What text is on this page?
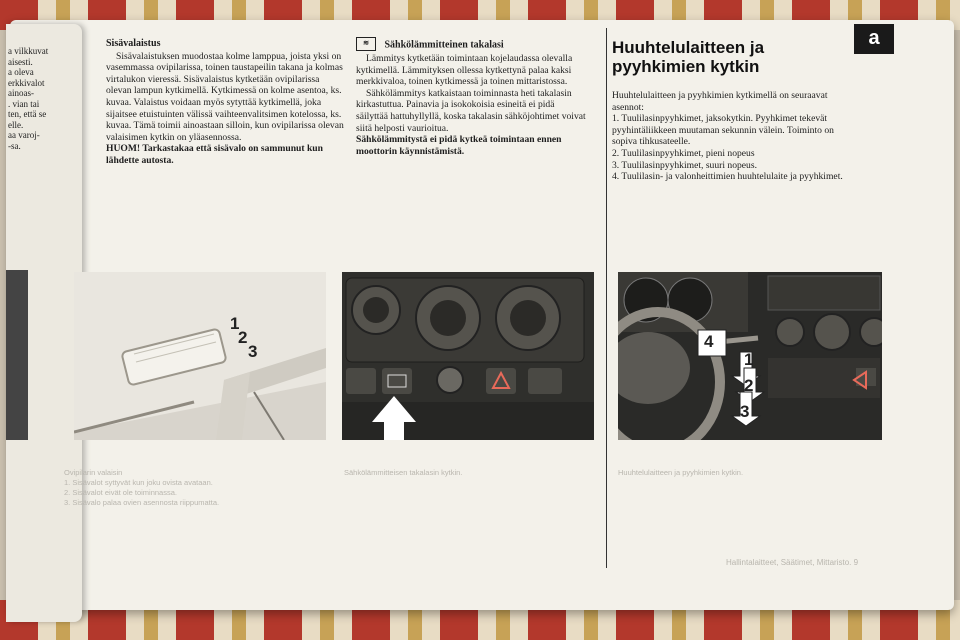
a vilkkuvat
aisesti.
a oleva
erkkivalot
ainoas-
. vian tai
ten, että se
elle.
aa varoj-
-sa.

Sisävalaistus

Sisävalaistuksen muodostaa kolme lamppua, joista yksi on vasemmassa ovipilarissa, toinen taustapeilin takana ja kolmas virtalukon vieressä. Sisävalaistus kytketään ovipilarissa olevan lampun kytkimellä. Kytkimessä on kolme asentoa, ks. kuvaa. Valaistus voidaan myös sytyttää kytkimellä, joka sijaitsee etuistuinten välissä vaihteenvalitsimen kotelossa, ks. kuvaa. Tämä toimii ainoastaan silloin, kun ovipilarissa olevan valaisimen kytkin on yläasennossa.

HUOM! Tarkastakaa että sisävalo on sammunut kun lähdette autosta.

≋ Sähkölämmitteinen takalasi

Lämmitys kytketään toimintaan kojelaudassa olevalla kytkimellä. Lämmityksen ollessa kytkettynä palaa kaksi merkkivaloa, toinen kytkimessä ja toinen mittaristossa.

Sähkölämmitys katkaistaan toiminnasta heti takalasin kirkastuttua. Painavia ja isokokoisia esineitä ei pidä säilyttää hattuhyllyllä, koska takalasin sähköjohtimet voivat siitä helposti vaurioitua.

Sähkölämmitystä ei pidä kytkeä toimintaan ennen moottorin käynnistämistä.

Huuhtelulaitteen ja
pyyhkimien kytkin

Huuhtelulaitteen ja pyyhkimien kytkimellä on seuraavat asennot:

1. Tuulilasinpyyhkimet, jaksokytkin. Pyyhkimet tekevät pyyhintäliikkeen muutaman sekunnin välein. Toiminto on sopiva tihkusateelle.

2. Tuulilasinpyyhkimet, pieni nopeus

3. Tuulilasinpyyhkimet, suuri nopeus.

4. Tuulilasin- ja valonheittimien huuhtelulaite ja pyyhkimet.

a
1
2
3
4
1
2
3
Ovipilarin valaisin
1. Sisävalot syttyvät kun joku ovista avataan.
2. Sisävalot eivät ole toiminnassa.
3. Sisävalo palaa ovien asennosta riippumatta.
Sähkölämmitteisen takalasin kytkin.	Huuhtelulaitteen ja pyyhkimien kytkin.
Hallintalaitteet, Säätimet, Mittaristo. 9
